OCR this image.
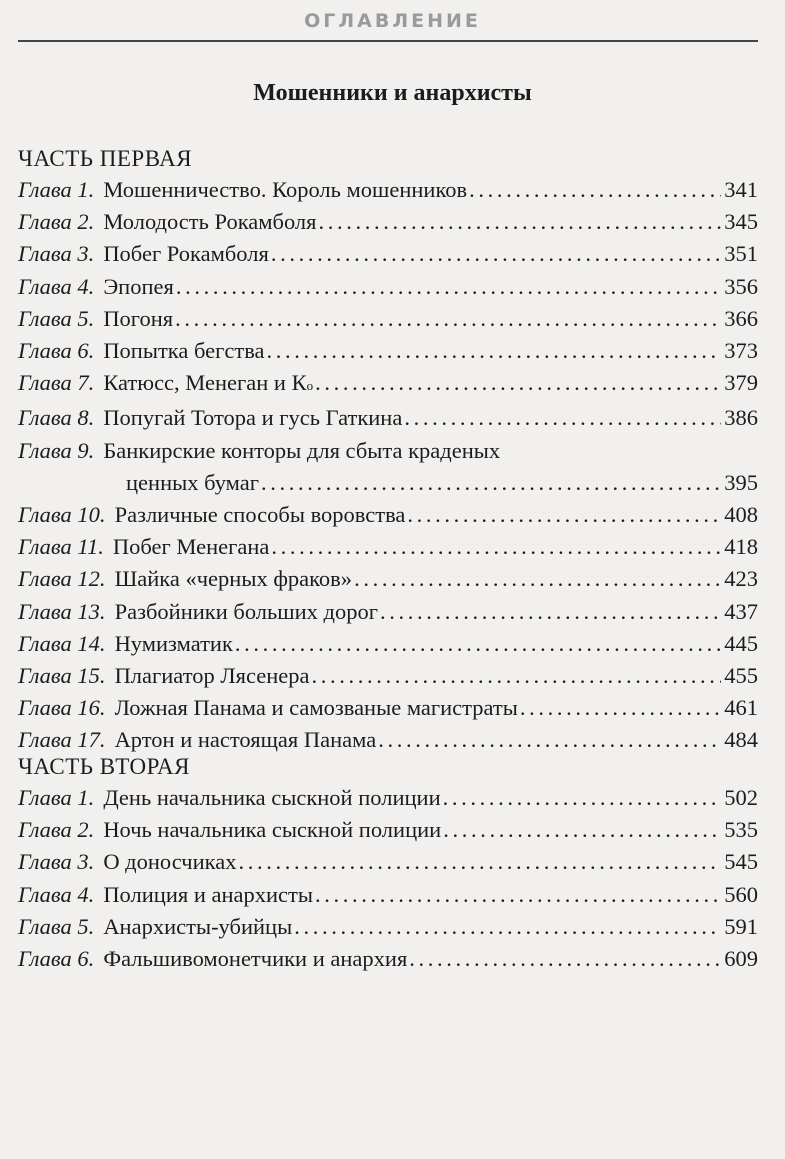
ОГЛАВЛЕНИЕ
Мошенники и анархисты
ЧАСТЬ ПЕРВАЯ
Глава 1. Мошенничество. Король мошенников . . .	341
Глава 2. Молодость Рокамболя . . .	345
Глава 3. Побег Рокамболя . . .	351
Глава 4. Эпопея . . .	356
Глава 5. Погоня . . .	366
Глава 6. Попытка бегства . . .	373
Глава 7. Катюсс, Менеган и К о . . .	379
Глава 8. Попугай Тотора и гусь Гаткина . . .	386
Глава 9. Банкирские конторы для сбыта краденых
ценных бумаг . . .	395
Глава 10. Различные способы воровства . . .	408
Глава 11. Побег Менегана . . .	418
Глава 12. Шайка «черных фраков» . . .	423
Глава 13. Разбойники больших дорог . . .	437
Глава 14. Нумизматик . . .	445
Глава 15. Плагиатор Лясенера . . .	455
Глава 16. Ложная Панама и самозваные магистраты . . .	461
Глава 17. Артон и настоящая Панама . . .	484
ЧАСТЬ ВТОРАЯ
Глава 1. День начальника сыскной полиции . . .	502
Глава 2. Ночь начальника сыскной полиции . . .	535
Глава 3. О доносчиках . . .	545
Глава 4. Полиция и анархисты . . .	560
Глава 5. Анархисты-убийцы . . .	591
Глава 6. Фальшивомонетчики и анархия . . .	609
